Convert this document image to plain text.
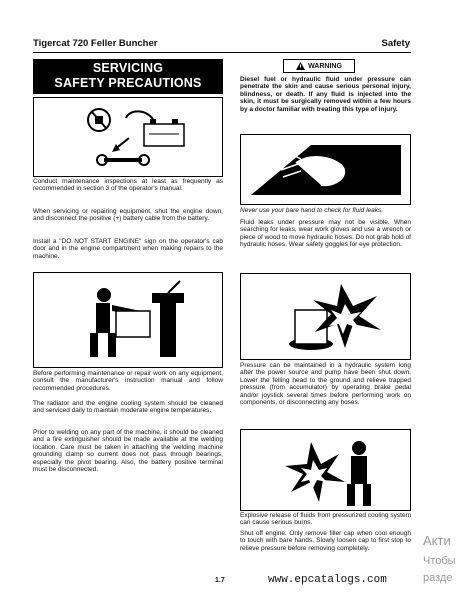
Tigercat 720 Feller Buncher	Safety
SERVICING
SAFETY PRECAUTIONS
Conduct maintenance inspections at least as frequently as recommended in section 3 of the operator's manual.
When servicing or repairing equipment, shut the engine down, and disconnect the positive (+) battery cable from the battery.
Install a "DO NOT START ENGINE" sign on the operator's cab door and in the engine compartment when making repairs to the machine.
Before performing maintenance or repair work on any equipment, consult the manufacturer's instruction manual and follow recommended procedures.
The radiator and the engine cooling system should be cleaned and serviced daily to maintain moderate engine temperatures.
Prior to welding on any part of the machine, it should be cleaned and a fire extinguisher should be made available at the welding location. Care must be taken in attaching the welding machine grounding clamp so current does not pass through bearings, especially the pivot bearing. Also, the battery positive terminal must be disconnected.
WARNING
Diesel fuel or hydraulic fluid under pressure can penetrate the skin and cause serious personal injury, blindness, or death. If any fluid is injected into the skin, it must be surgically removed within a few hours by a doctor familiar with treating this type of injury.
Never use your bare hand to check for fluid leaks.
Fluid leaks under pressure may not be visible. When searching for leaks, wear work gloves and use a wrench or piece of wood to move hydraulic hoses. Do not grab hold of hydraulic hoses. Wear safety goggles for eye protection.
Pressure can be maintained in a hydraulic system long after the power source and pump have been shut down. Lower the felling head to the ground and relieve trapped pressure (from accumulator) by operating brake pedal and/or joystick several times before performing work on components, or disconnecting any hoses.
Explosive release of fluids from pressurized cooling system can cause serious burns.
Shut off engine. Only remove filler cap when cool enough to touch with bare hands. Slowly loosen cap to first stop to relieve pressure before removing completely.
1.7	www.epcatalogs.com
Акти
Чтобы
разде
